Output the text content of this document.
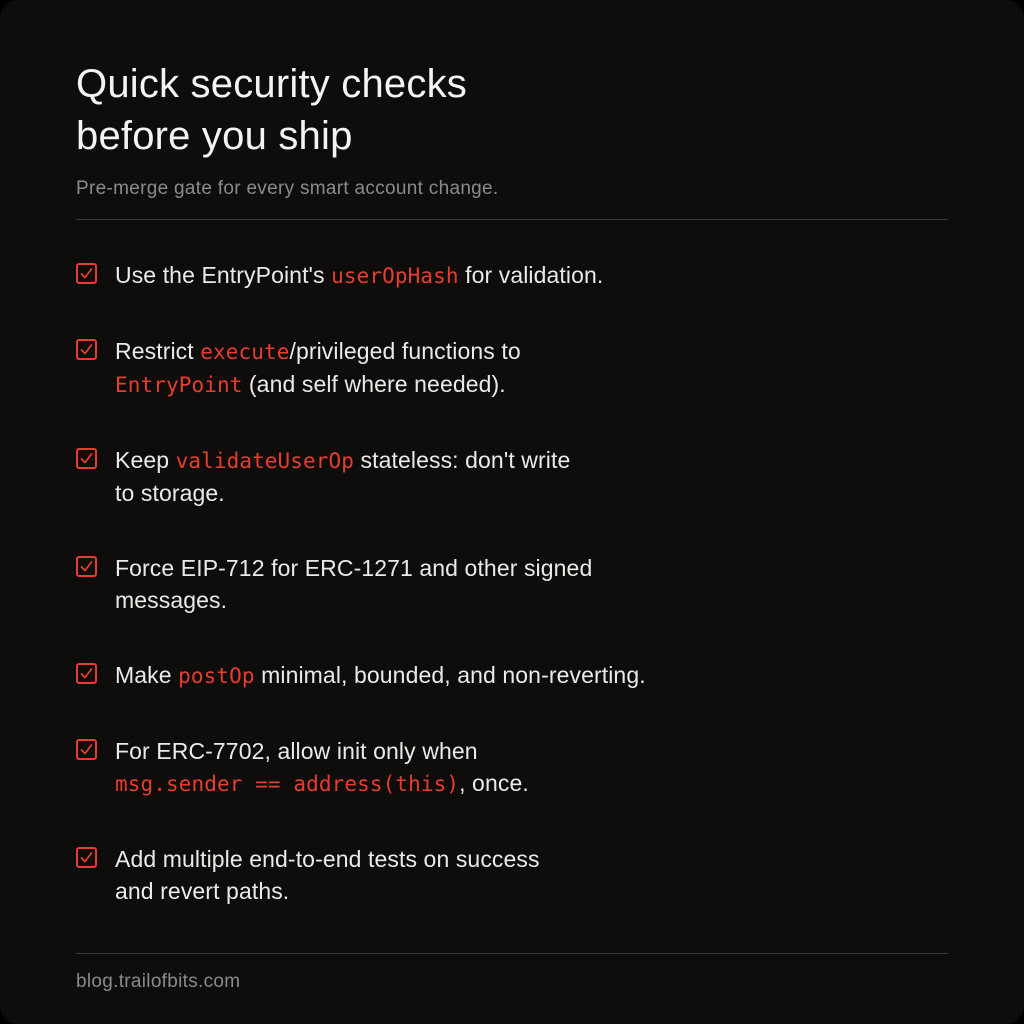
Quick security checks
before you ship

Pre-merge gate for every smart account change.

Use the EntryPoint's userOpHash for validation.
Restrict execute/privileged functions to
EntryPoint (and self where needed).
Keep validateUserOp stateless: don't write
to storage.
Force EIP-712 for ERC-1271 and other signed
messages.
Make postOp minimal, bounded, and non-reverting.
For ERC-7702, allow init only when
msg.sender == address(this), once.
Add multiple end-to-end tests on success
and revert paths.
blog.trailofbits.com
